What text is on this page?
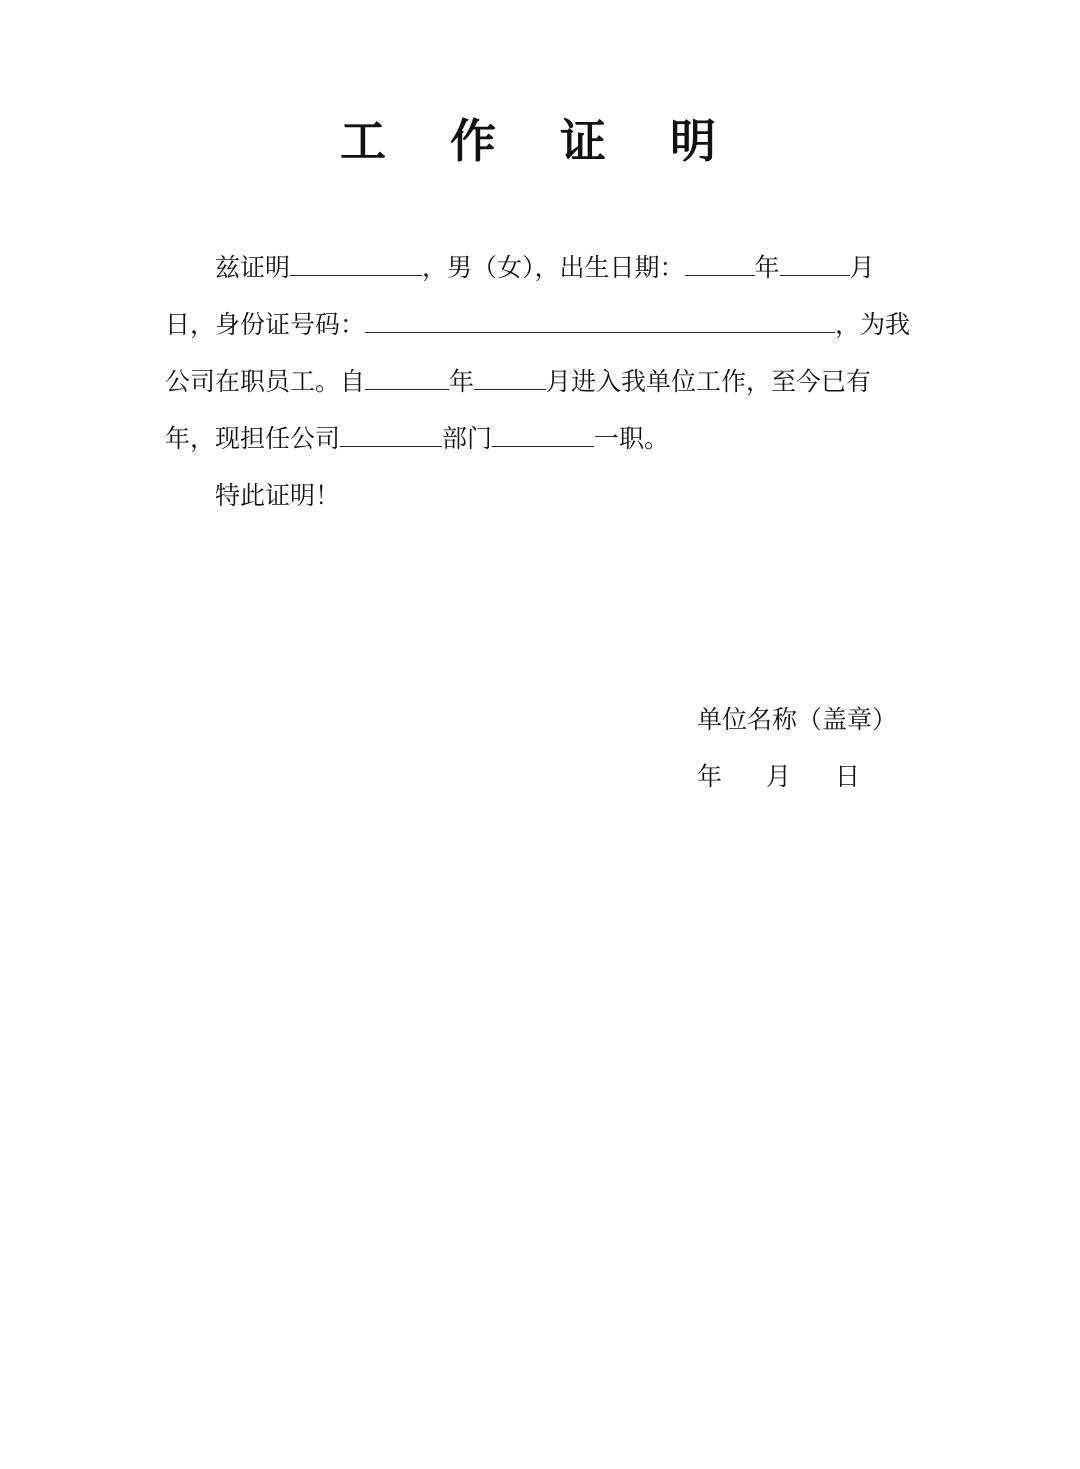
工 作 证 明
兹证明	，男（女），出生日期：	年	月
日，身份证号码：	，为我
公司在职员工。自	年	月进入我单位工作，至今已有
年，现担任公司	部门	一职。
特此证明！
单位名称（盖章）
年 月 日
